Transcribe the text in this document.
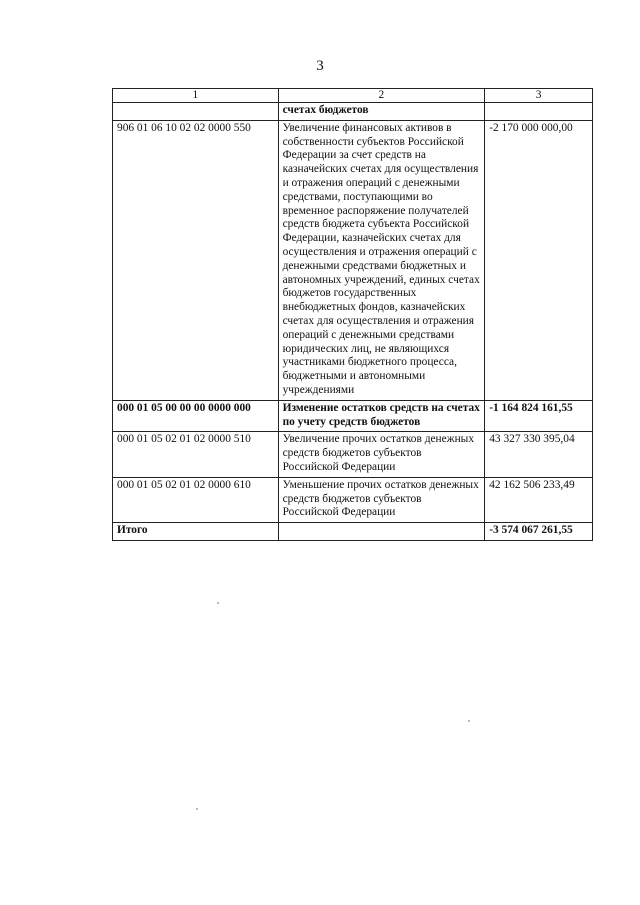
3
1	2	3
	счетах бюджетов	
906 01 06 10 02 02 0000 550	Увеличение финансовых активов в собственности субъектов Российской Федерации за счет средств на казначейских счетах для осуществления и отражения операций с денежными средствами, поступающими во временное распоряжение получателей средств бюджета субъекта Российской Федерации, казначейских счетах для осуществления и отражения операций с денежными средствами бюджетных и автономных учреждений, единых счетах бюджетов государственных внебюджетных фондов, казначейских счетах для осуществления и отражения операций с денежными средствами юридических лиц, не являющихся участниками бюджетного процесса, бюджетными и автономными учреждениями	-2 170 000 000,00
000 01 05 00 00 00 0000 000	Изменение остатков средств на счетах по учету средств бюджетов	-1 164 824 161,55
000 01 05 02 01 02 0000 510	Увеличение прочих остатков денежных средств бюджетов субъектов Российской Федерации	43 327 330 395,04
000 01 05 02 01 02 0000 610	Уменьшение прочих остатков денежных средств бюджетов субъектов Российской Федерации	42 162 506 233,49
Итого		-3 574 067 261,55
